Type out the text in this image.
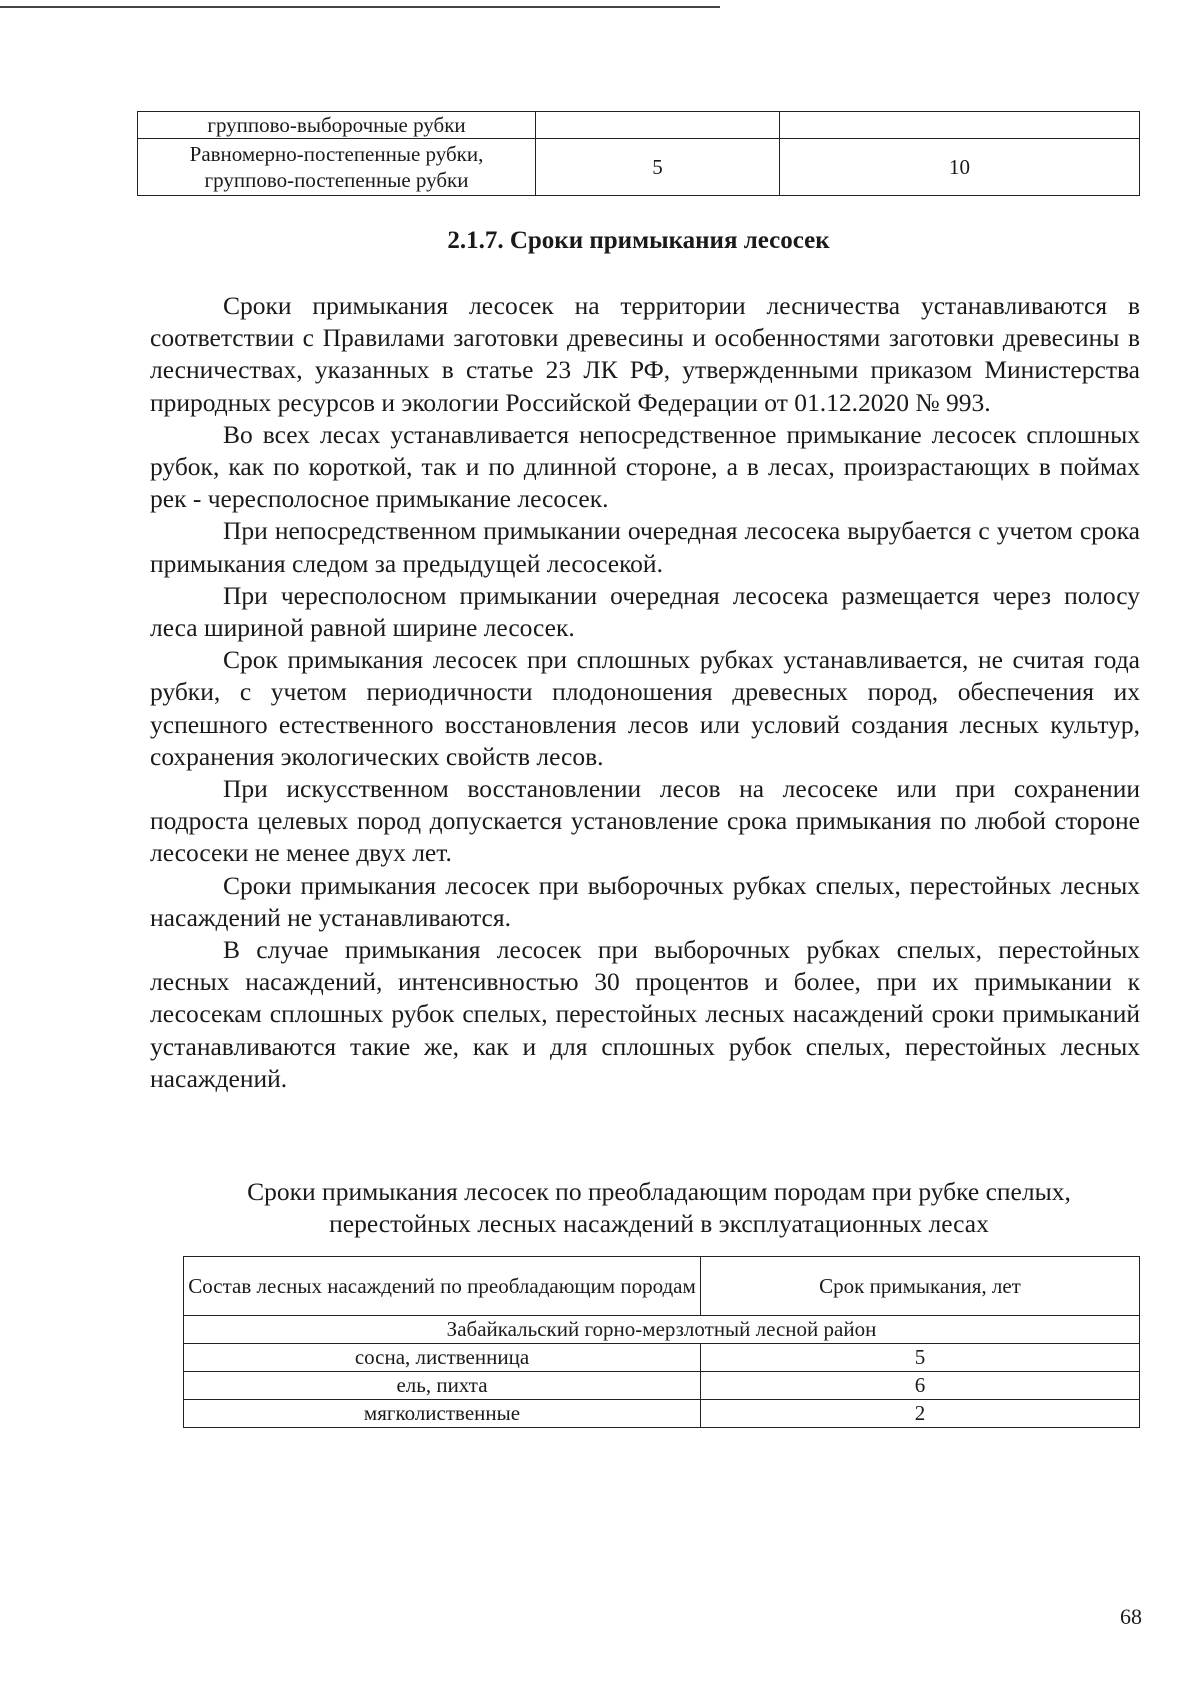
группово-выборочные рубки		
Равномерно-постепенные рубки,
группово-постепенные рубки	5	10
2.1.7. Сроки примыкания лесосек

Сроки примыкания лесосек на территории лесничества устанавливаются в соответствии с Правилами заготовки древесины и особенностями заготовки древесины в лесничествах, указанных в статье 23 ЛК РФ, утвержденными приказом Министерства природных ресурсов и экологии Российской Федерации от 01.12.2020 № 993.

Во всех лесах устанавливается непосредственное примыкание лесосек сплошных рубок, как по короткой, так и по длинной стороне, а в лесах, произрастающих в поймах рек - чересполосное примыкание лесосек.

При непосредственном примыкании очередная лесосека вырубается с учетом срока примыкания следом за предыдущей лесосекой.

При чересполосном примыкании очередная лесосека размещается через полосу леса шириной равной ширине лесосек.

Срок примыкания лесосек при сплошных рубках устанавливается, не считая года рубки, с учетом периодичности плодоношения древесных пород, обеспечения их успешного естественного восстановления лесов или условий создания лесных культур, сохранения экологических свойств лесов.

При искусственном восстановлении лесов на лесосеке или при сохранении подроста целевых пород допускается установление срока примыкания по любой стороне лесосеки не менее двух лет.

Сроки примыкания лесосек при выборочных рубках спелых, перестойных лесных насаждений не устанавливаются.

В случае примыкания лесосек при выборочных рубках спелых, перестойных лесных насаждений, интенсивностью 30 процентов и более, при их примыкании к лесосекам сплошных рубок спелых, перестойных лесных насаждений сроки примыканий устанавливаются такие же, как и для сплошных рубок спелых, перестойных лесных насаждений.

Сроки примыкания лесосек по преобладающим породам при рубке спелых,
перестойных лесных насаждений в эксплуатационных лесах
Состав лесных насаждений по преобладающим породам	Срок примыкания, лет
Забайкальский горно-мерзлотный лесной район	
сосна, лиственница	5
ель, пихта	6
мягколиственные	2
68
